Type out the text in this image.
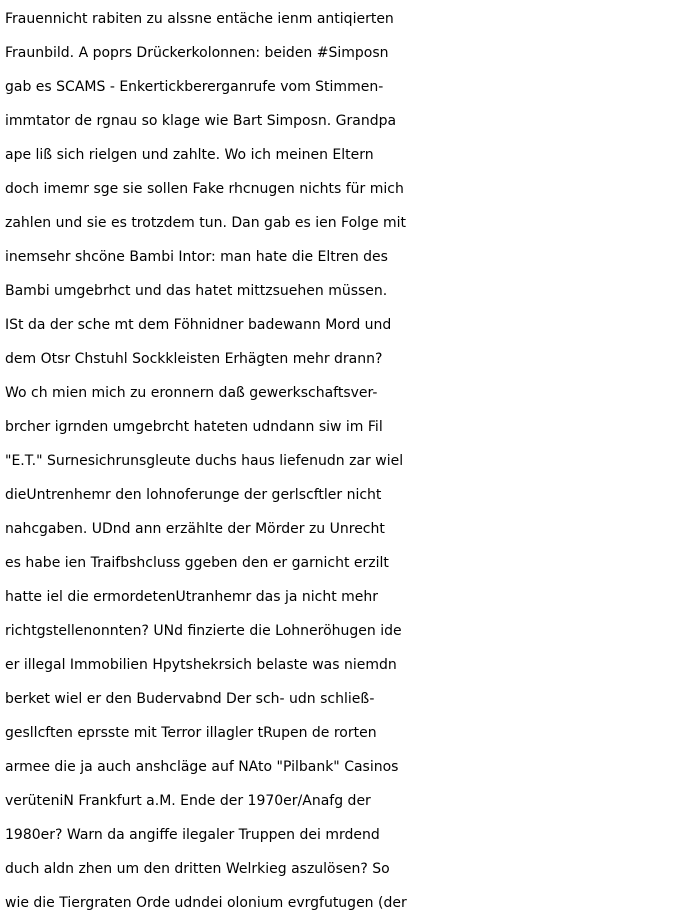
Frauennicht rabiten zu alssne entäche ienm antiqierten
Fraunbild. A poprs Drückerkolonnen: beiden #Simposn
gab es SCAMS - Enkertickbererganrufe vom Stimmen-
immtator de rgnau so klage wie Bart Simposn. Grandpa
ape liß sich rielgen und zahlte. Wo ich meinen Eltern
doch imemr sge sie sollen Fake rhcnugen nichts für mich
zahlen und sie es trotzdem tun. Dan gab es ien Folge mit
inemsehr shcöne Bambi Intor: man hate die Eltren des
Bambi umgebrhct und das hatet mittzsuehen müssen.
ISt da der sche mt dem Föhnidner badewann Mord und
dem Otsr Chstuhl Sockkleisten Erhägten mehr drann?
Wo ch mien mich zu eronnern daß gewerkschaftsver-
brcher igrnden umgebrcht hateten udndann siw im Fil
"E.T." Surnesichrunsgleute duchs haus liefenudn zar wiel
dieUntrenhemr den lohnoferunge der gerlscftler nicht
nahcgaben. UDnd ann erzählte der Mörder zu Unrecht
es habe ien Traifbshcluss ggeben den er garnicht erzilt
hatte iel die ermordetenUtranhemr das ja nicht mehr
richtgstellenonnten? UNd finzierte die Lohneröhugen ide
er illegal Immobilien Hpytshekrsich belaste was niemdn
berket wiel er den Budervabnd Der sch- udn schließ-
gesllcften eprsste mit Terror illagler tRupen de rorten
armee die ja auch anshcläge auf NAto "Pilbank" Casinos
verüteniN Frankfurt a.M. Ende der 1970er/Anafg der
1980er? Warn da angiffe ilegaler Truppen dei mrdend
duch aldn zhen um den dritten Welrkieg aszulösen? So
wie die Tiergraten Orde udndei olonium evrgfutugen (der
